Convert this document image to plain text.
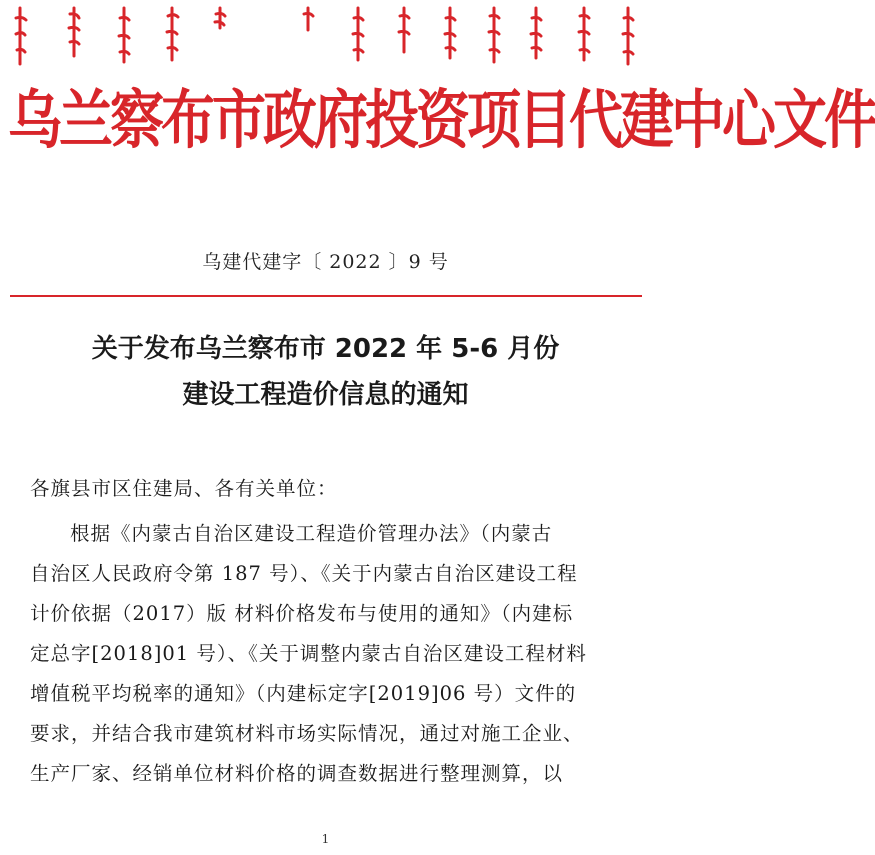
乌兰察布市政府投资项目代建中心文件
乌建代建字〔 2022 〕9 号
关于发布乌兰察布市 2022 年 5-6 月份
建设工程造价信息的通知
各旗县市区住建局、各有关单位：
根据《内蒙古自治区建设工程造价管理办法》（内蒙古
自治区人民政府令第 187 号）、《关于内蒙古自治区建设工程
计价依据（2017）版 材料价格发布与使用的通知》（内建标
定总字[2018]01 号）、《关于调整内蒙古自治区建设工程材料
增值税平均税率的通知》（内建标定字[2019]06 号）文件的
要求，并结合我市建筑材料市场实际情况，通过对施工企业、
生产厂家、经销单位材料价格的调查数据进行整理测算，以
1
